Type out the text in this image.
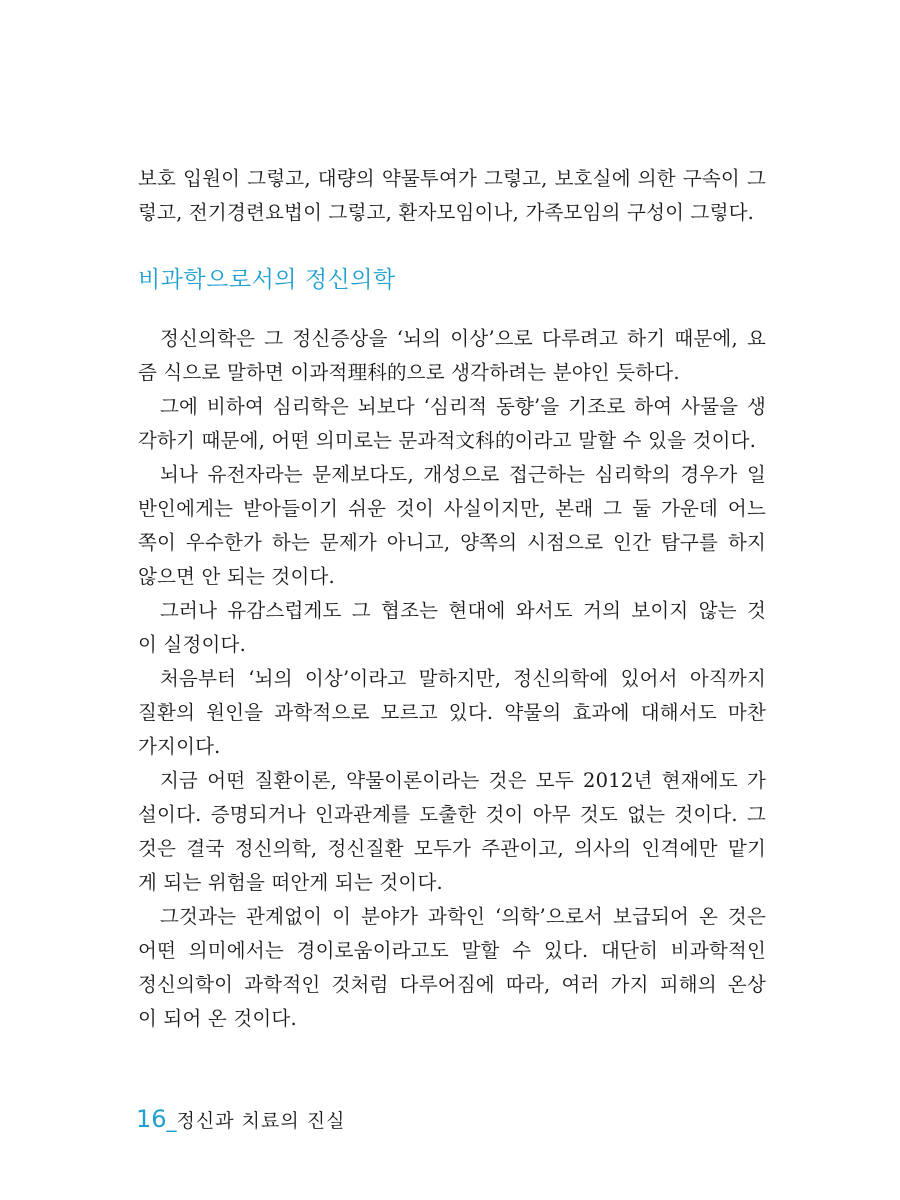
보호 입원이 그렇고, 대량의 약물투여가 그렇고, 보호실에 의한 구속이 그
렇고, 전기경련요법이 그렇고, 환자모임이나, 가족모임의 구성이 그렇다.
비과학으로서의 정신의학
정신의학은 그 정신증상을 ‘뇌의 이상’으로 다루려고 하기 때문에, 요
즘 식으로 말하면 이과적理科的으로 생각하려는 분야인 듯하다.
그에 비하여 심리학은 뇌보다 ‘심리적 동향’을 기조로 하여 사물을 생
각하기 때문에, 어떤 의미로는 문과적文科的이라고 말할 수 있을 것이다.
뇌나 유전자라는 문제보다도, 개성으로 접근하는 심리학의 경우가 일
반인에게는 받아들이기 쉬운 것이 사실이지만, 본래 그 둘 가운데 어느
쪽이 우수한가 하는 문제가 아니고, 양쪽의 시점으로 인간 탐구를 하지
않으면 안 되는 것이다.
그러나 유감스럽게도 그 협조는 현대에 와서도 거의 보이지 않는 것
이 실정이다.
처음부터 ‘뇌의 이상’이라고 말하지만, 정신의학에 있어서 아직까지
질환의 원인을 과학적으로 모르고 있다. 약물의 효과에 대해서도 마찬
가지이다.
지금 어떤 질환이론, 약물이론이라는 것은 모두 2012년 현재에도 가
설이다. 증명되거나 인과관계를 도출한 것이 아무 것도 없는 것이다. 그
것은 결국 정신의학, 정신질환 모두가 주관이고, 의사의 인격에만 맡기
게 되는 위험을 떠안게 되는 것이다.
그것과는 관계없이 이 분야가 과학인 ‘의학’으로서 보급되어 온 것은
어떤 의미에서는 경이로움이라고도 말할 수 있다. 대단히 비과학적인
정신의학이 과학적인 것처럼 다루어짐에 따라, 여러 가지 피해의 온상
이 되어 온 것이다.
16_정신과 치료의 진실
